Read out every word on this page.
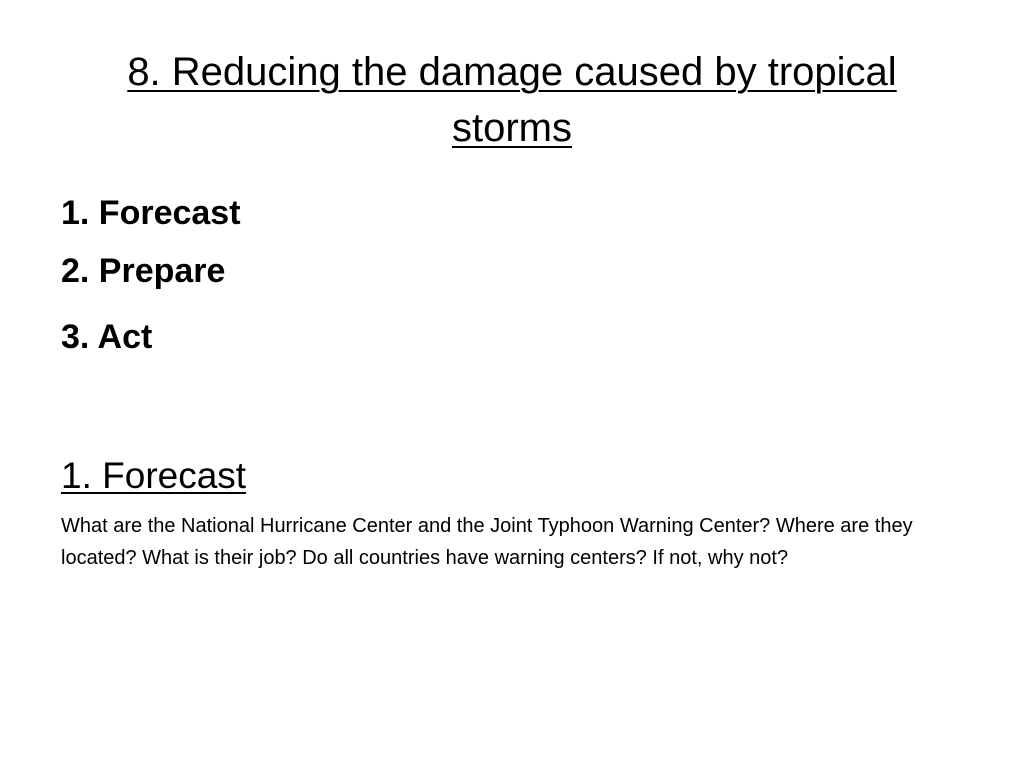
8. Reducing the damage caused by tropical storms
1. Forecast
2. Prepare
3. Act
1. Forecast

What are the National Hurricane Center and the Joint Typhoon Warning Center? Where are they located? What is their job? Do all countries have warning centers? If not, why not?
